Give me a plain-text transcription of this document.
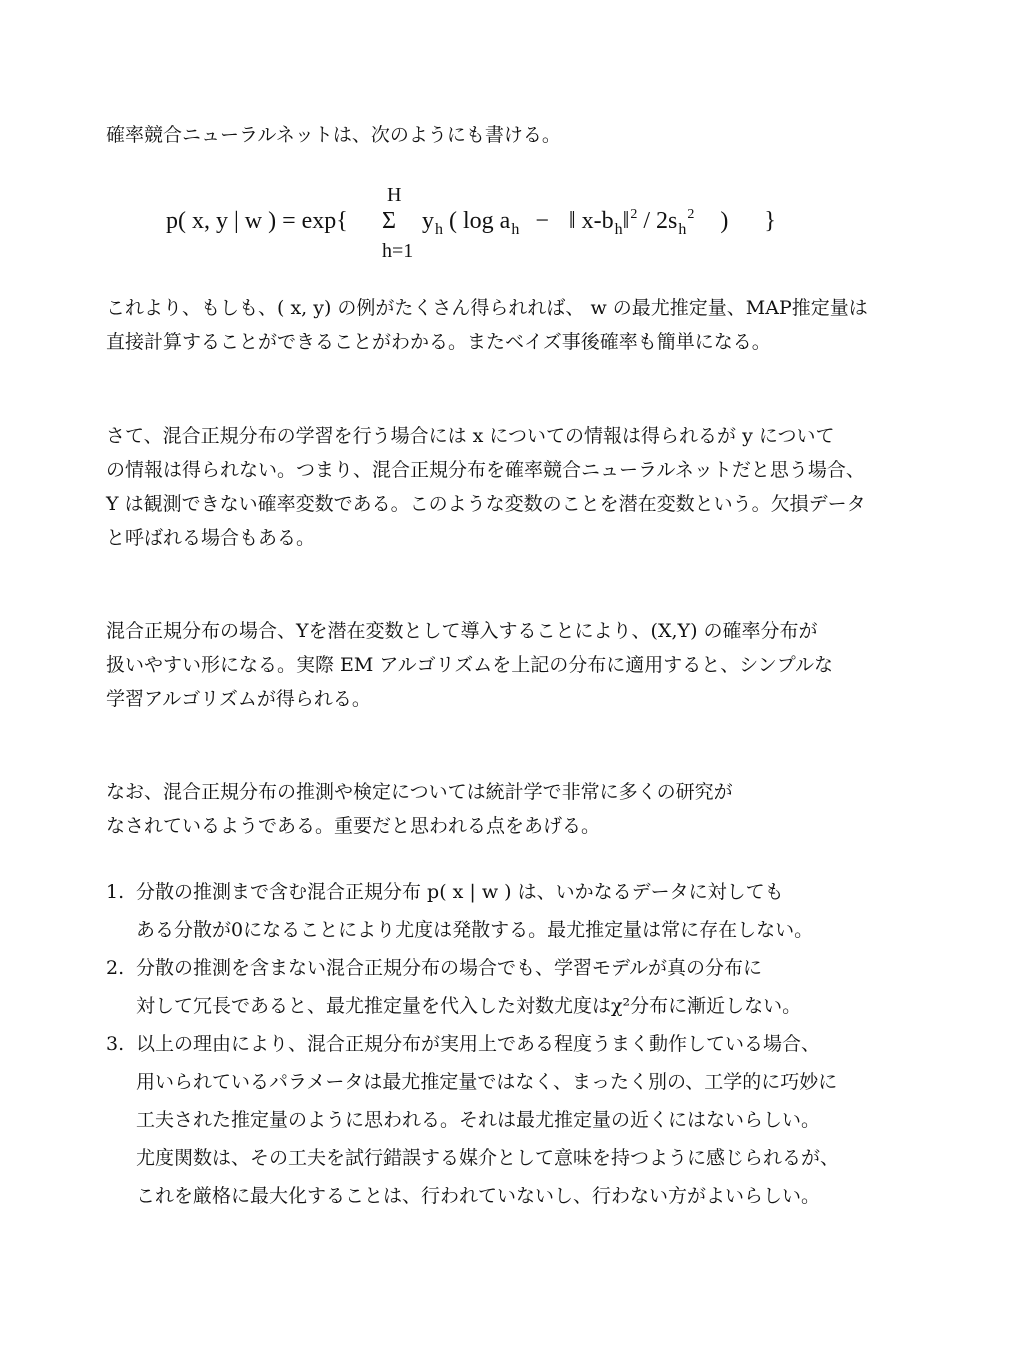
確率競合ニューラルネットは、次のようにも書ける。
p( x, y | w ) = exp{
H
Σ
h=1
$y_h$ ( $\log a_h$ − ‖ $x-b_h‖^2 / 2s_h^2$ ) }
これより、もしも、( x, y) の例がたくさん得られれば、 w の最尤推定量、MAP推定量は
直接計算することができることがわかる。またベイズ事後確率も簡単になる。
さて、混合正規分布の学習を行う場合には x についての情報は得られるが y について
の情報は得られない。つまり、混合正規分布を確率競合ニューラルネットだと思う場合、
Y は観測できない確率変数である。このような変数のことを潜在変数という。欠損データ
と呼ばれる場合もある。
混合正規分布の場合、Yを潜在変数として導入することにより、(X,Y) の確率分布が
扱いやすい形になる。実際 EM アルゴリズムを上記の分布に適用すると、シンプルな
学習アルゴリズムが得られる。
なお、混合正規分布の推測や検定については統計学で非常に多くの研究が
なされているようである。重要だと思われる点をあげる。
1. 分散の推測まで含む混合正規分布 p( x | w ) は、いかなるデータに対しても
ある分散が0になることにより尤度は発散する。最尤推定量は常に存在しない。
2. 分散の推測を含まない混合正規分布の場合でも、学習モデルが真の分布に
対して冗長であると、最尤推定量を代入した対数尤度はχ²分布に漸近しない。
3. 以上の理由により、混合正規分布が実用上である程度うまく動作している場合、
用いられているパラメータは最尤推定量ではなく、まったく別の、工学的に巧妙に
工夫された推定量のように思われる。それは最尤推定量の近くにはないらしい。
尤度関数は、その工夫を試行錯誤する媒介として意味を持つように感じられるが、
これを厳格に最大化することは、行われていないし、行わない方がよいらしい。
